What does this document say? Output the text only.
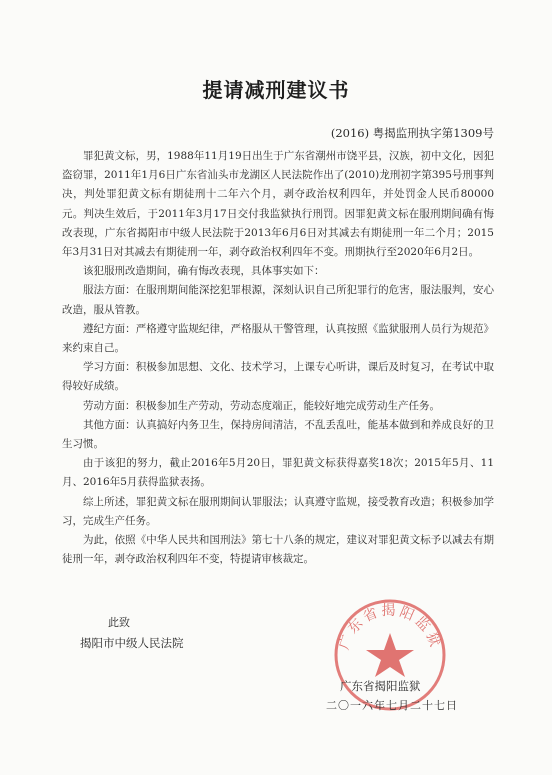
提请减刑建议书
(2016) 粤揭监刑执字第1309号

罪犯黄文标，男，1988年11月19日出生于广东省潮州市饶平县，汉族，初中文化，因犯盗窃罪，2011年1月6日广东省汕头市龙湖区人民法院作出了(2010)龙刑初字第395号刑事判决，判处罪犯黄文标有期徒刑十二年六个月，剥夺政治权利四年，并处罚金人民币80000元。判决生效后，于2011年3月17日交付我监狱执行刑罚。因罪犯黄文标在服刑期间确有悔改表现，广东省揭阳市中级人民法院于2013年6月6日对其减去有期徒刑一年二个月；2015年3月31日对其减去有期徒刑一年，剥夺政治权利四年不变。刑期执行至2020年6月2日。

该犯服刑改造期间，确有悔改表现，具体事实如下：

服法方面：在服刑期间能深挖犯罪根源，深刻认识自己所犯罪行的危害，服法服判，安心改造，服从管教。

遵纪方面：严格遵守监规纪律，严格服从干警管理，认真按照《监狱服刑人员行为规范》来约束自己。

学习方面：积极参加思想、文化、技术学习，上课专心听讲，课后及时复习，在考试中取得较好成绩。

劳动方面：积极参加生产劳动，劳动态度端正，能较好地完成劳动生产任务。

其他方面：认真搞好内务卫生，保持房间清洁，不乱丢乱吐，能基本做到和养成良好的卫生习惯。

由于该犯的努力，截止2016年5月20日，罪犯黄文标获得嘉奖18次；2015年5月、11月、2016年5月获得监狱表扬。

综上所述，罪犯黄文标在服刑期间认罪服法；认真遵守监规，接受教育改造；积极参加学习，完成生产任务。

为此，依照《中华人民共和国刑法》第七十八条的规定，建议对罪犯黄文标予以减去有期徒刑一年，剥夺政治权利四年不变，特提请审核裁定。

此致
揭阳市中级人民法院	广东省揭阳监狱
广东省揭阳监狱
二〇一六年七月二十七日
